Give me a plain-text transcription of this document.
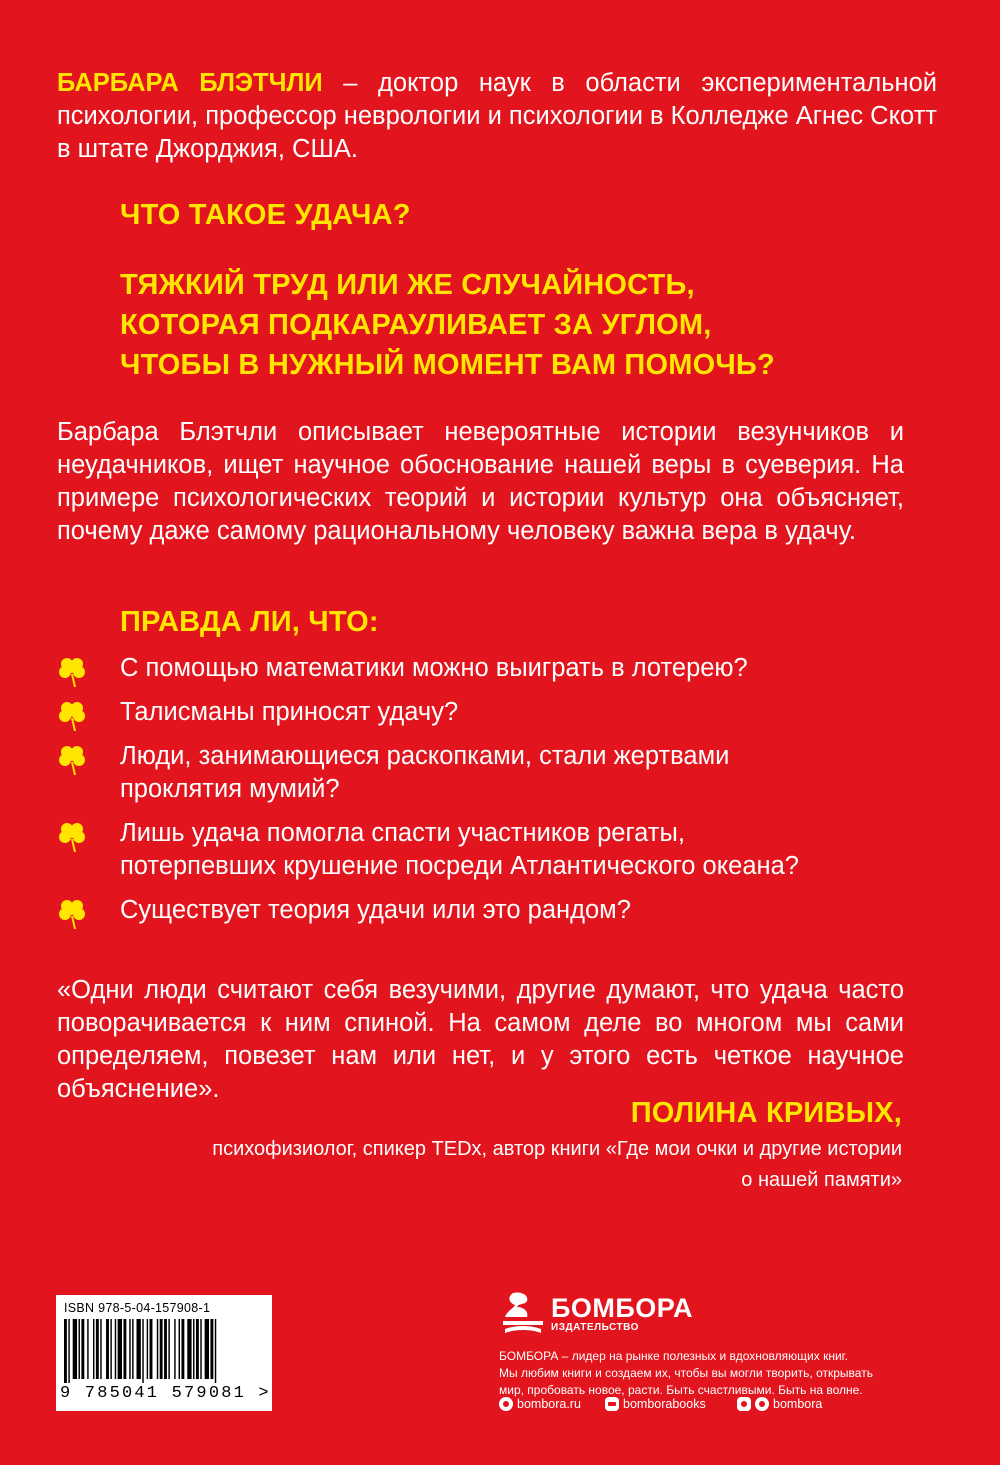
БАРБАРА БЛЭТЧЛИ – доктор наук в области экспериментальной психологии, профессор неврологии и психологии в Колледже Агнес Скотт в штате Джорджия, США.
ЧТО ТАКОЕ УДАЧА?
ТЯЖКИЙ ТРУД ИЛИ ЖЕ СЛУЧАЙНОСТЬ,
КОТОРАЯ ПОДКАРАУЛИВАЕТ ЗА УГЛОМ,
ЧТОБЫ В НУЖНЫЙ МОМЕНТ ВАМ ПОМОЧЬ?
Барбара Блэтчли описывает невероятные истории везунчиков и неудачников, ищет научное обоснование нашей веры в суеверия. На примере психологических теорий и истории культур она объясняет, почему даже самому рациональному человеку важна вера в удачу.
ПРАВДА ЛИ, ЧТО:
С помощью математики можно выиграть в лотерею?
Талисманы приносят удачу?
Люди, занимающиеся раскопками, стали жертвами
проклятия мумий?
Лишь удача помогла спасти участников регаты,
потерпевших крушение посреди Атлантического океана?
Существует теория удачи или это рандом?
«Одни люди считают себя везучими, другие думают, что удача часто поворачивается к ним спиной. На самом деле во многом мы сами определяем, повезет нам или нет, и у этого есть четкое научное объяснение».
ПОЛИНА КРИВЫХ,
психофизиолог, спикер TEDx, автор книги «Где мои очки и другие истории о нашей памяти»
ISBN 978-5-04-157908-1
9 785041 579081 >
БОМБОРА
ИЗДАТЕЛЬСТВО
БОМБОРА – лидер на рынке полезных и вдохновляющих книг.
Мы любим книги и создаем их, чтобы вы могли творить, открывать
мир, пробовать новое, расти. Быть счастливыми. Быть на волне.
bombora.ru	bomborabooks	bombora
